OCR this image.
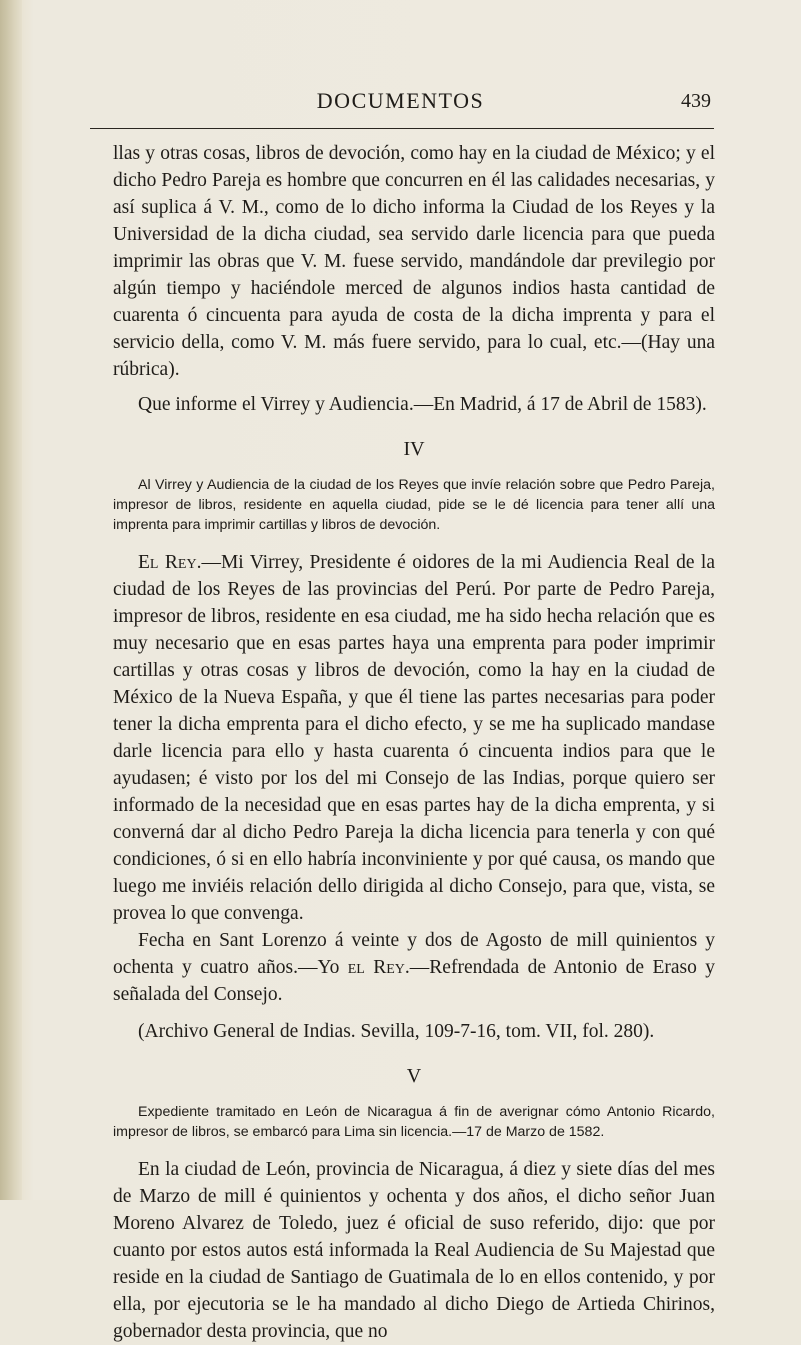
DOCUMENTOS	439

llas y otras cosas, libros de devoción, como hay en la ciudad de México; y el dicho Pedro Pareja es hombre que concurren en él las calidades necesarias, y así suplica á V. M., como de lo dicho informa la Ciudad de los Reyes y la Universidad de la dicha ciudad, sea servido darle licencia para que pueda imprimir las obras que V. M. fuese servido, mandándole dar previlegio por algún tiempo y haciéndole merced de algunos indios hasta cantidad de cuarenta ó cincuenta para ayuda de costa de la dicha imprenta y para el servicio della, como V. M. más fuere servido, para lo cual, etc.—(Hay una rúbrica).

Que informe el Virrey y Audiencia.—En Madrid, á 17 de Abril de 1583).

IV
Al Virrey y Audiencia de la ciudad de los Reyes que invíe relación sobre que Pedro Pareja, impresor de libros, residente en aquella ciudad, pide se le dé licencia para tener allí una imprenta para imprimir cartillas y libros de devoción.

El Rey.—Mi Virrey, Presidente é oidores de la mi Audiencia Real de la ciudad de los Reyes de las provincias del Perú. Por parte de Pedro Pareja, impresor de libros, residente en esa ciudad, me ha sido hecha relación que es muy necesario que en esas partes haya una emprenta para poder imprimir cartillas y otras cosas y libros de devoción, como la hay en la ciudad de México de la Nueva España, y que él tiene las partes necesarias para poder tener la dicha emprenta para el dicho efecto, y se me ha suplicado mandase darle licencia para ello y hasta cuarenta ó cincuenta indios para que le ayudasen; é visto por los del mi Consejo de las Indias, porque quiero ser informado de la necesidad que en esas partes hay de la dicha emprenta, y si converná dar al dicho Pedro Pareja la dicha licencia para tenerla y con qué condiciones, ó si en ello habría inconviniente y por qué causa, os mando que luego me inviéis relación dello dirigida al dicho Consejo, para que, vista, se provea lo que convenga.

Fecha en Sant Lorenzo á veinte y dos de Agosto de mill quinientos y ochenta y cuatro años.—Yo el Rey.—Refrendada de Antonio de Eraso y señalada del Consejo.

(Archivo General de Indias. Sevilla, 109-7-16, tom. VII, fol. 280).

V
Expediente tramitado en León de Nicaragua á fin de averignar cómo Antonio Ricardo, impresor de libros, se embarcó para Lima sin licencia.—17 de Marzo de 1582.

En la ciudad de León, provincia de Nicaragua, á diez y siete días del mes de Marzo de mill é quinientos y ochenta y dos años, el dicho señor Juan Moreno Alvarez de Toledo, juez é oficial de suso referido, dijo: que por cuanto por estos autos está informada la Real Audiencia de Su Majestad que reside en la ciudad de Santiago de Guatimala de lo en ellos contenido, y por ella, por ejecutoria se le ha mandado al dicho Diego de Artieda Chirinos, gobernador desta provincia, que no
